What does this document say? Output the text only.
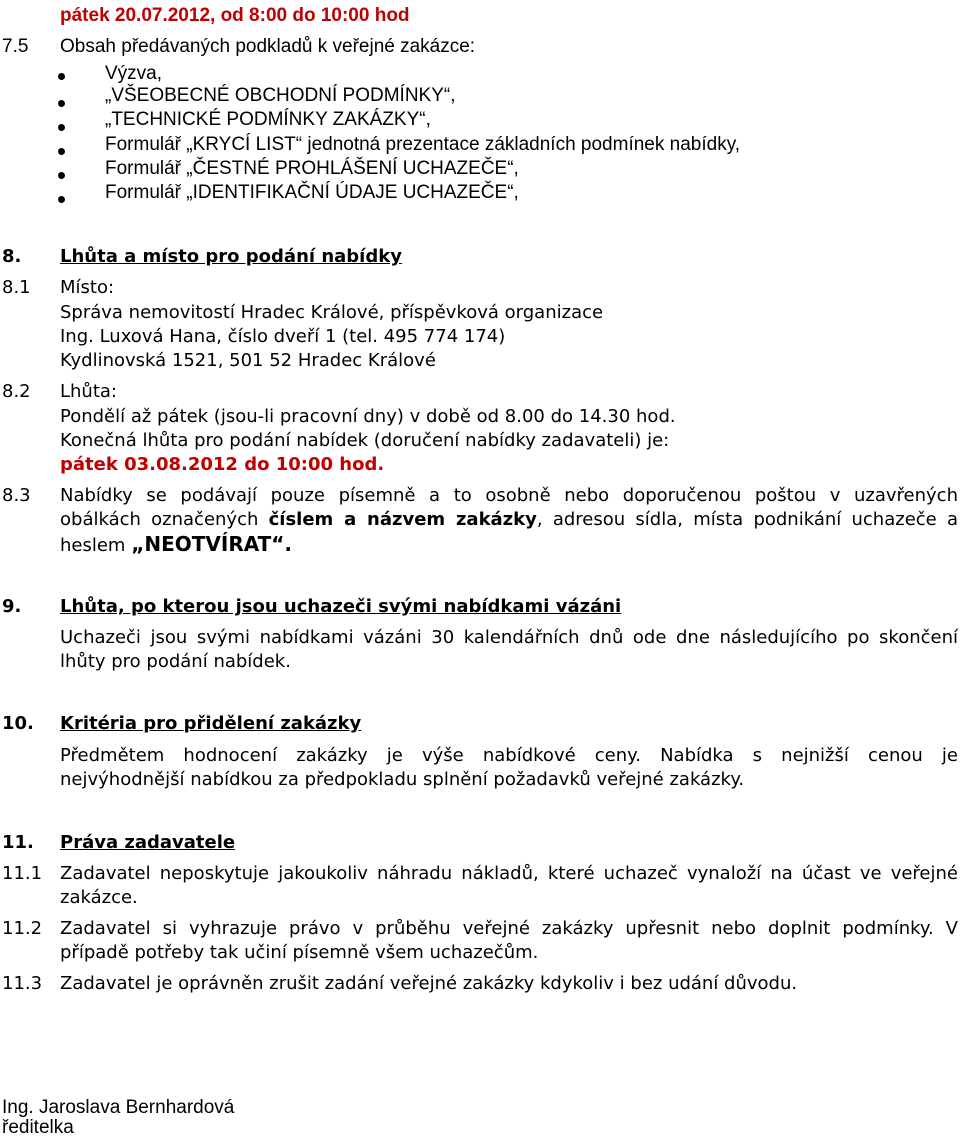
pátek 20.07.2012, od 8:00 do 10:00 hod
7.5 Obsah předávaných podkladů k veřejné zakázce:
Výzva,
„VŠEOBECNÉ OBCHODNÍ PODMÍNKY“,
„TECHNICKÉ PODMÍNKY ZAKÁZKY“,
Formulář „KRYCÍ LIST“ jednotná prezentace základních podmínek nabídky,
Formulář „ČESTNÉ PROHLÁŠENÍ UCHAZEČE“,
Formulář „IDENTIFIKAČNÍ ÚDAJE UCHAZEČE“,
8. Lhůta a místo pro podání nabídky
8.1 Místo:
Správa nemovitostí Hradec Králové, příspěvková organizace
Ing. Luxová Hana, číslo dveří 1 (tel. 495 774 174)
Kydlinovská 1521, 501 52 Hradec Králové
8.2 Lhůta:
Pondělí až pátek (jsou-li pracovní dny) v době od 8.00 do 14.30 hod.
Konečná lhůta pro podání nabídek (doručení nabídky zadavateli) je:
pátek 03.08.2012 do 10:00 hod.
8.3 Nabídky se podávají pouze písemně a to osobně nebo doporučenou poštou v uzavřených
obálkách označených číslem a názvem zakázky, adresou sídla, místa podnikání uchazeče a
heslem „NEOTVÍRAT“.
9. Lhůta, po kterou jsou uchazeči svými nabídkami vázáni
Uchazeči jsou svými nabídkami vázáni 30 kalendářních dnů ode dne následujícího po skončení
lhůty pro podání nabídek.
10. Kritéria pro přidělení zakázky
Předmětem hodnocení zakázky je výše nabídkové ceny. Nabídka s nejnižší cenou je
nejvýhodnější nabídkou za předpokladu splnění požadavků veřejné zakázky.
11. Práva zadavatele
11.1 Zadavatel neposkytuje jakoukoliv náhradu nákladů, které uchazeč vynaloží na účast ve veřejné
zakázce.
11.2 Zadavatel si vyhrazuje právo v průběhu veřejné zakázky upřesnit nebo doplnit podmínky. V
případě potřeby tak učiní písemně všem uchazečům.
11.3 Zadavatel je oprávněn zrušit zadání veřejné zakázky kdykoliv i bez udání důvodu.
Ing. Jaroslava Bernhardová
ředitelka
